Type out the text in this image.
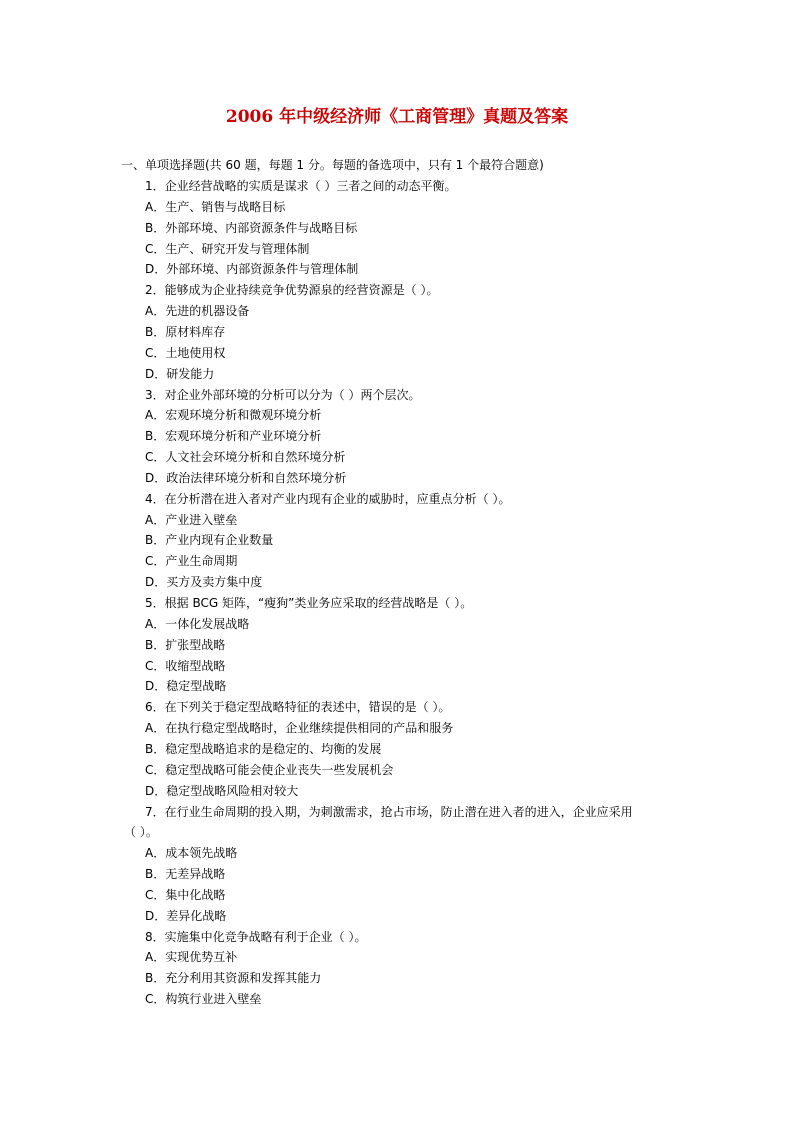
2006 年中级经济师《工商管理》真题及答案
一、单项选择题(共 60 题，每题 1 分。每题的备选项中，只有 1 个最符合题意)
1．企业经营战略的实质是谋求（ ）三者之间的动态平衡。
A．生产、销售与战略目标
B．外部环境、内部资源条件与战略目标
C．生产、研究开发与管理体制
D．外部环境、内部资源条件与管理体制
2．能够成为企业持续竞争优势源泉的经营资源是（ ）。
A．先进的机器设备
B．原材料库存
C．土地使用权
D．研发能力
3．对企业外部环境的分析可以分为（ ）两个层次。
A．宏观环境分析和微观环境分析
B．宏观环境分析和产业环境分析
C．人文社会环境分析和自然环境分析
D．政治法律环境分析和自然环境分析
4．在分析潜在进入者对产业内现有企业的威胁时，应重点分析（ ）。
A．产业进入壁垒
B．产业内现有企业数量
C．产业生命周期
D．买方及卖方集中度
5．根据 BCG 矩阵，“瘦狗”类业务应采取的经营战略是（ ）。
A．一体化发展战略
B．扩张型战略
C．收缩型战略
D．稳定型战略
6．在下列关于稳定型战略特征的表述中，错误的是（ ）。
A．在执行稳定型战略时，企业继续提供相同的产品和服务
B．稳定型战略追求的是稳定的、均衡的发展
C．稳定型战略可能会使企业丧失一些发展机会
D．稳定型战略风险相对较大
7．在行业生命周期的投入期，为刺激需求，抢占市场，防止潜在进入者的进入，企业应采用
（ ）。
A．成本领先战略
B．无差异战略
C．集中化战略
D．差异化战略
8．实施集中化竞争战略有利于企业（ ）。
A．实现优势互补
B．充分利用其资源和发挥其能力
C．构筑行业进入壁垒
